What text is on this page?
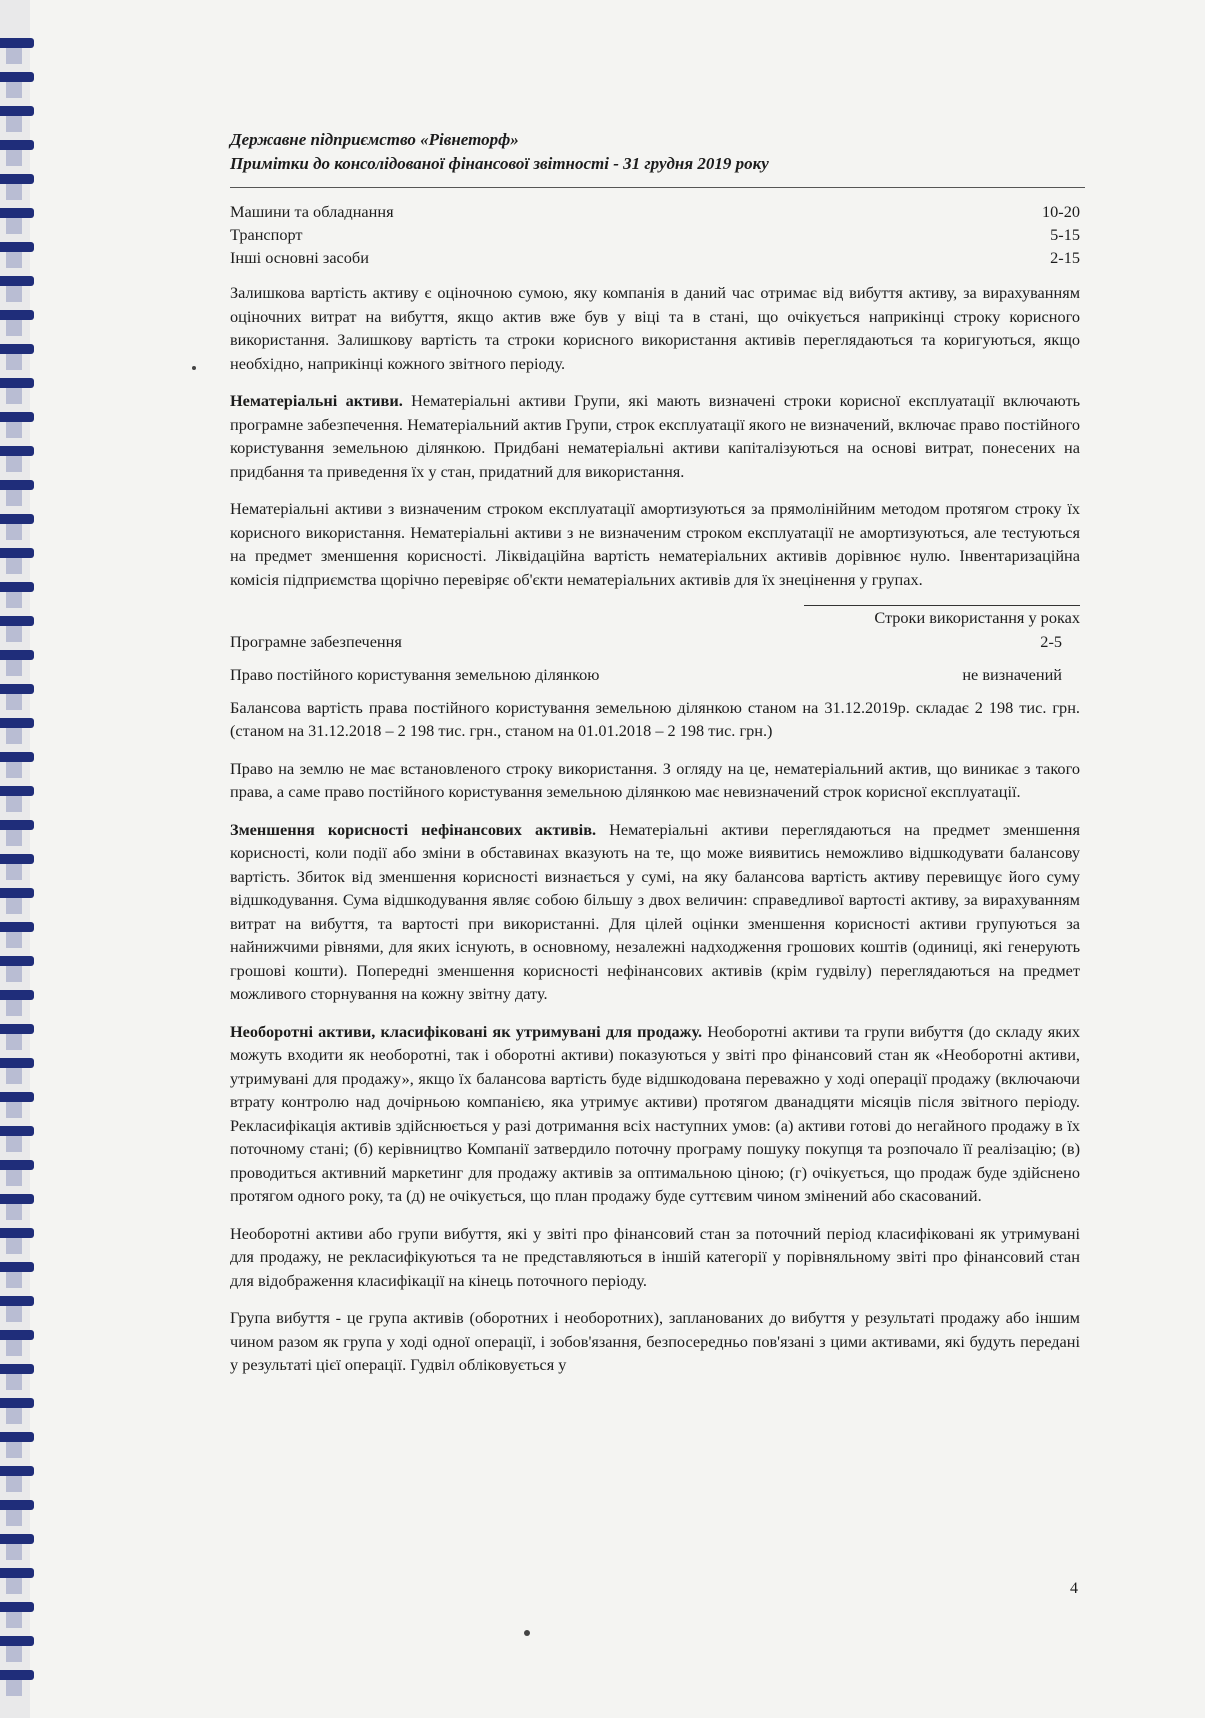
Державне підприємство «Рівнеторф»
Примітки до консолідованої фінансової звітності - 31 грудня 2019 року
Машини та обладнання	10-20
Транспорт	5-15
Інші основні засоби	2-15

Залишкова вартість активу є оціночною сумою, яку компанія в даний час отримає від вибуття активу, за вирахуванням оціночних витрат на вибуття, якщо актив вже був у віці та в стані, що очікується наприкінці строку корисного використання. Залишкову вартість та строки корисного використання активів переглядаються та коригуються, якщо необхідно, наприкінці кожного звітного періоду.

Нематеріальні активи. Нематеріальні активи Групи, які мають визначені строки корисної експлуатації включають програмне забезпечення. Нематеріальний актив Групи, строк експлуатації якого не визначений, включає право постійного користування земельною ділянкою. Придбані нематеріальні активи капіталізуються на основі витрат, понесених на придбання та приведення їх у стан, придатний для використання.

Нематеріальні активи з визначеним строком експлуатації амортизуються за прямолінійним методом протягом строку їх корисного використання. Нематеріальні активи з не визначеним строком експлуатації не амортизуються, але тестуються на предмет зменшення корисності. Ліквідаційна вартість нематеріальних активів дорівнює нулю. Інвентаризаційна комісія підприємства щорічно перевіряє об'єкти нематеріальних активів для їх знецінення у групах.

Строки використання у роках
Програмне забезпечення	2-5
Право постійного користування земельною ділянкою	не визначений

Балансова вартість права постійного користування земельною ділянкою станом на 31.12.2019р. складає 2 198 тис. грн. (станом на 31.12.2018 – 2 198 тис. грн., станом на 01.01.2018 – 2 198 тис. грн.)

Право на землю не має встановленого строку використання. З огляду на це, нематеріальний актив, що виникає з такого права, а саме право постійного користування земельною ділянкою має невизначений строк корисної експлуатації.

Зменшення корисності нефінансових активів. Нематеріальні активи переглядаються на предмет зменшення корисності, коли події або зміни в обставинах вказують на те, що може виявитись неможливо відшкодувати балансову вартість. Збиток від зменшення корисності визнається у сумі, на яку балансова вартість активу перевищує його суму відшкодування. Сума відшкодування являє собою більшу з двох величин: справедливої вартості активу, за вирахуванням витрат на вибуття, та вартості при використанні. Для цілей оцінки зменшення корисності активи групуються за найнижчими рівнями, для яких існують, в основному, незалежні надходження грошових коштів (одиниці, які генерують грошові кошти). Попередні зменшення корисності нефінансових активів (крім гудвілу) переглядаються на предмет можливого сторнування на кожну звітну дату.

Необоротні активи, класифіковані як утримувані для продажу. Необоротні активи та групи вибуття (до складу яких можуть входити як необоротні, так і оборотні активи) показуються у звіті про фінансовий стан як «Необоротні активи, утримувані для продажу», якщо їх балансова вартість буде відшкодована переважно у ході операції продажу (включаючи втрату контролю над дочірньою компанією, яка утримує активи) протягом дванадцяти місяців після звітного періоду. Рекласифікація активів здійснюється у разі дотримання всіх наступних умов: (а) активи готові до негайного продажу в їх поточному стані; (б) керівництво Компанії затвердило поточну програму пошуку покупця та розпочало її реалізацію; (в) проводиться активний маркетинг для продажу активів за оптимальною ціною; (г) очікується, що продаж буде здійснено протягом одного року, та (д) не очікується, що план продажу буде суттєвим чином змінений або скасований.

Необоротні активи або групи вибуття, які у звіті про фінансовий стан за поточний період класифіковані як утримувані для продажу, не рекласифікуються та не представляються в іншій категорії у порівняльному звіті про фінансовий стан для відображення класифікації на кінець поточного періоду.

Група вибуття - це група активів (оборотних і необоротних), запланованих до вибуття у результаті продажу або іншим чином разом як група у ході одної операції, і зобов'язання, безпосередньо пов'язані з цими активами, які будуть передані у результаті цієї операції. Гудвіл обліковується у

4
